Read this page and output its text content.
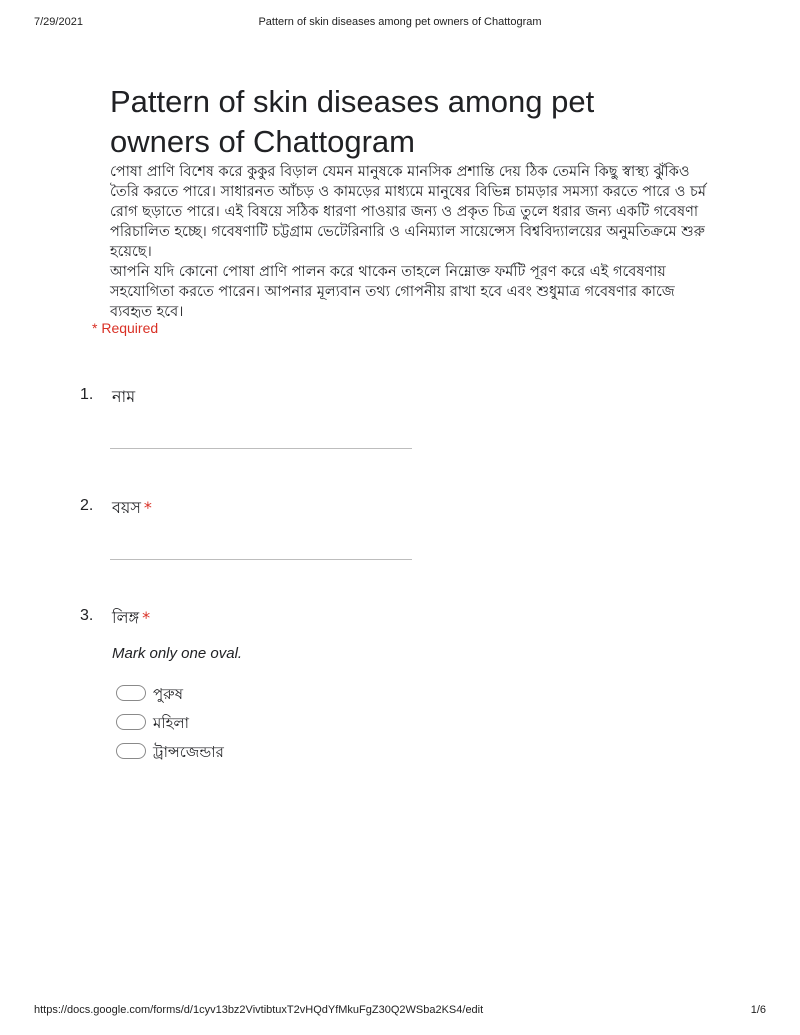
7/29/2021	Pattern of skin diseases among pet owners of Chattogram
Pattern of skin diseases among pet owners of Chattogram

পোষা প্রাণি বিশেষ করে কুকুর বিড়াল যেমন মানুষকে মানসিক প্রশান্তি দেয় ঠিক তেমনি কিছু স্বাস্থ্য ঝুঁকিও তৈরি করতে পারে। সাধারনত আঁচড় ও কামড়ের মাধ্যমে মানুষের বিভিন্ন চামড়ার সমস্যা করতে পারে ও চর্ম রোগ ছড়াতে পারে। এই বিষয়ে সঠিক ধারণা পাওয়ার জন্য ও প্রকৃত চিত্র তুলে ধরার জন্য একটি গবেষণা পরিচালিত হচ্ছে। গবেষণাটি চট্টগ্রাম ভেটেরিনারি ও এনিম্যাল সায়েন্সেস বিশ্ববিদ্যালয়ের অনুমতিক্রমে শুরু হয়েছে।

আপনি যদি কোনো পোষা প্রাণি পালন করে থাকেন তাহলে নিম্নোক্ত ফর্মটি পূরণ করে এই গবেষণায় সহযোগিতা করতে পারেন। আপনার মূল্যবান তথ্য গোপনীয় রাখা হবে এবং শুধুমাত্র গবেষণার কাজে ব্যবহৃত হবে।

* Required
1. নাম
2. বয়স *
3. লিঙ্গ *
Mark only one oval.
পুরুষ
মহিলা
ট্রান্সজেন্ডার
https://docs.google.com/forms/d/1cyv13bz2VivtibtuxT2vHQdYfMkuFgZ30Q2WSba2KS4/edit	1/6
